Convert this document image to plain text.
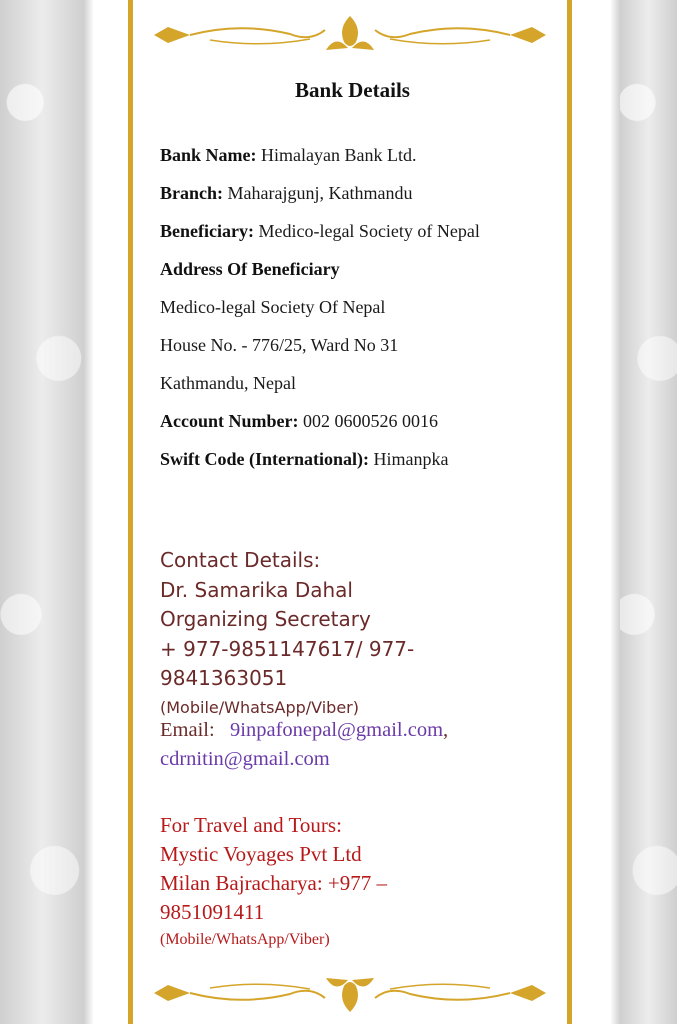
Bank Details
Bank Name: Himalayan Bank Ltd.
Branch: Maharajgunj, Kathmandu
Beneficiary: Medico-legal Society of Nepal
Address Of Beneficiary
Medico-legal Society Of Nepal
House No. - 776/25, Ward No 31
Kathmandu, Nepal
Account Number: 002 0600526 0016
Swift Code (International): Himanpka
Contact Details:
Dr. Samarika Dahal
Organizing Secretary
+ 977-9851147617/ 977-
9841363051
(Mobile/WhatsApp/Viber)
Email: 9inpafonepal@gmail.com,
cdrnitin@gmail.com
For Travel and Tours:
Mystic Voyages Pvt Ltd
Milan Bajracharya: +977 –
9851091411
(Mobile/WhatsApp/Viber)
